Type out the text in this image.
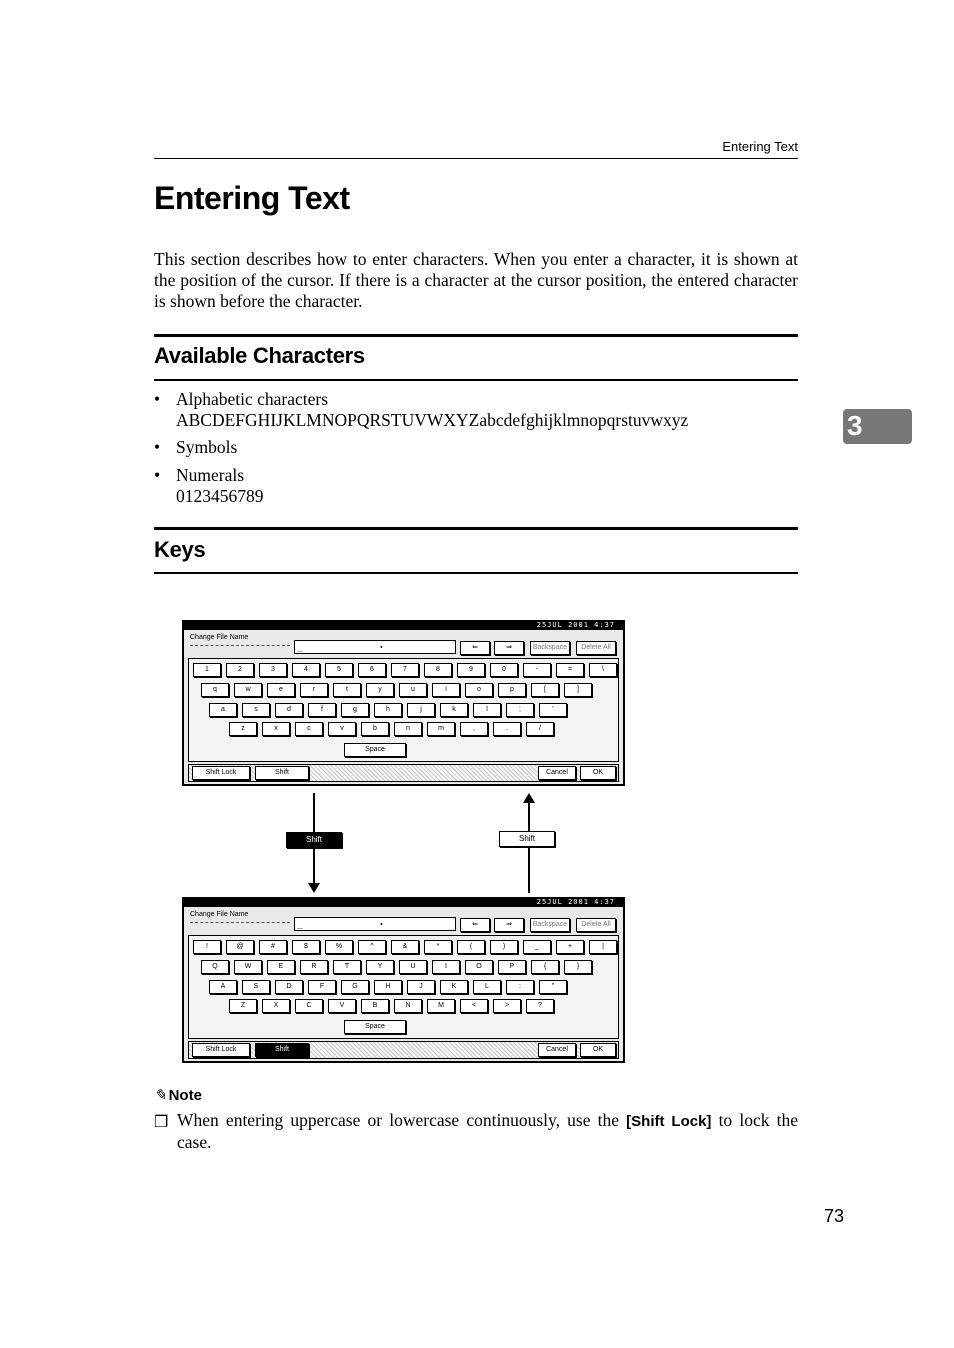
Entering Text
3
Entering Text

This section describes how to enter characters. When you enter a character, it is shown at the position of the cursor. If there is a character at the cursor position, the entered character is shown before the character.

Available Characters
• Alphabetic characters
ABCDEFGHIJKLMNOPQRSTUVWXYZabcdefghijklmnopqrstuvwxyz
• Symbols
• Numerals
0123456789
Keys
25JUL 2001 4:37
Change File Name
_	•	⇐	⇒	Backspace	Delete All
1	2	3	4	5	6	7	8	9	0	-	=	\
q	w	e	r	t	y	u	i	o	p	[	]
a	s	d	f	g	h	j	k	l	;	'
z	x	c	v	b	n	m	,	.	/
Space
Shift Lock	Shift	Cancel	OK
Shift	Shift
25JUL 2001 4:37
Change File Name
_	•	⇐	⇒	Backspace	Delete All
!	@	#	$	%	^	&	*	(	)	_	+	|
Q	W	E	R	T	Y	U	I	O	P	{	}
A	S	D	F	G	H	J	K	L	:	"
Z	X	C	V	B	N	M	<	>	?
Space
Shift Lock	Shift	Cancel	OK
✎ Note
❒ When entering uppercase or lowercase continuously, use the [Shift Lock] to lock the case.

73
